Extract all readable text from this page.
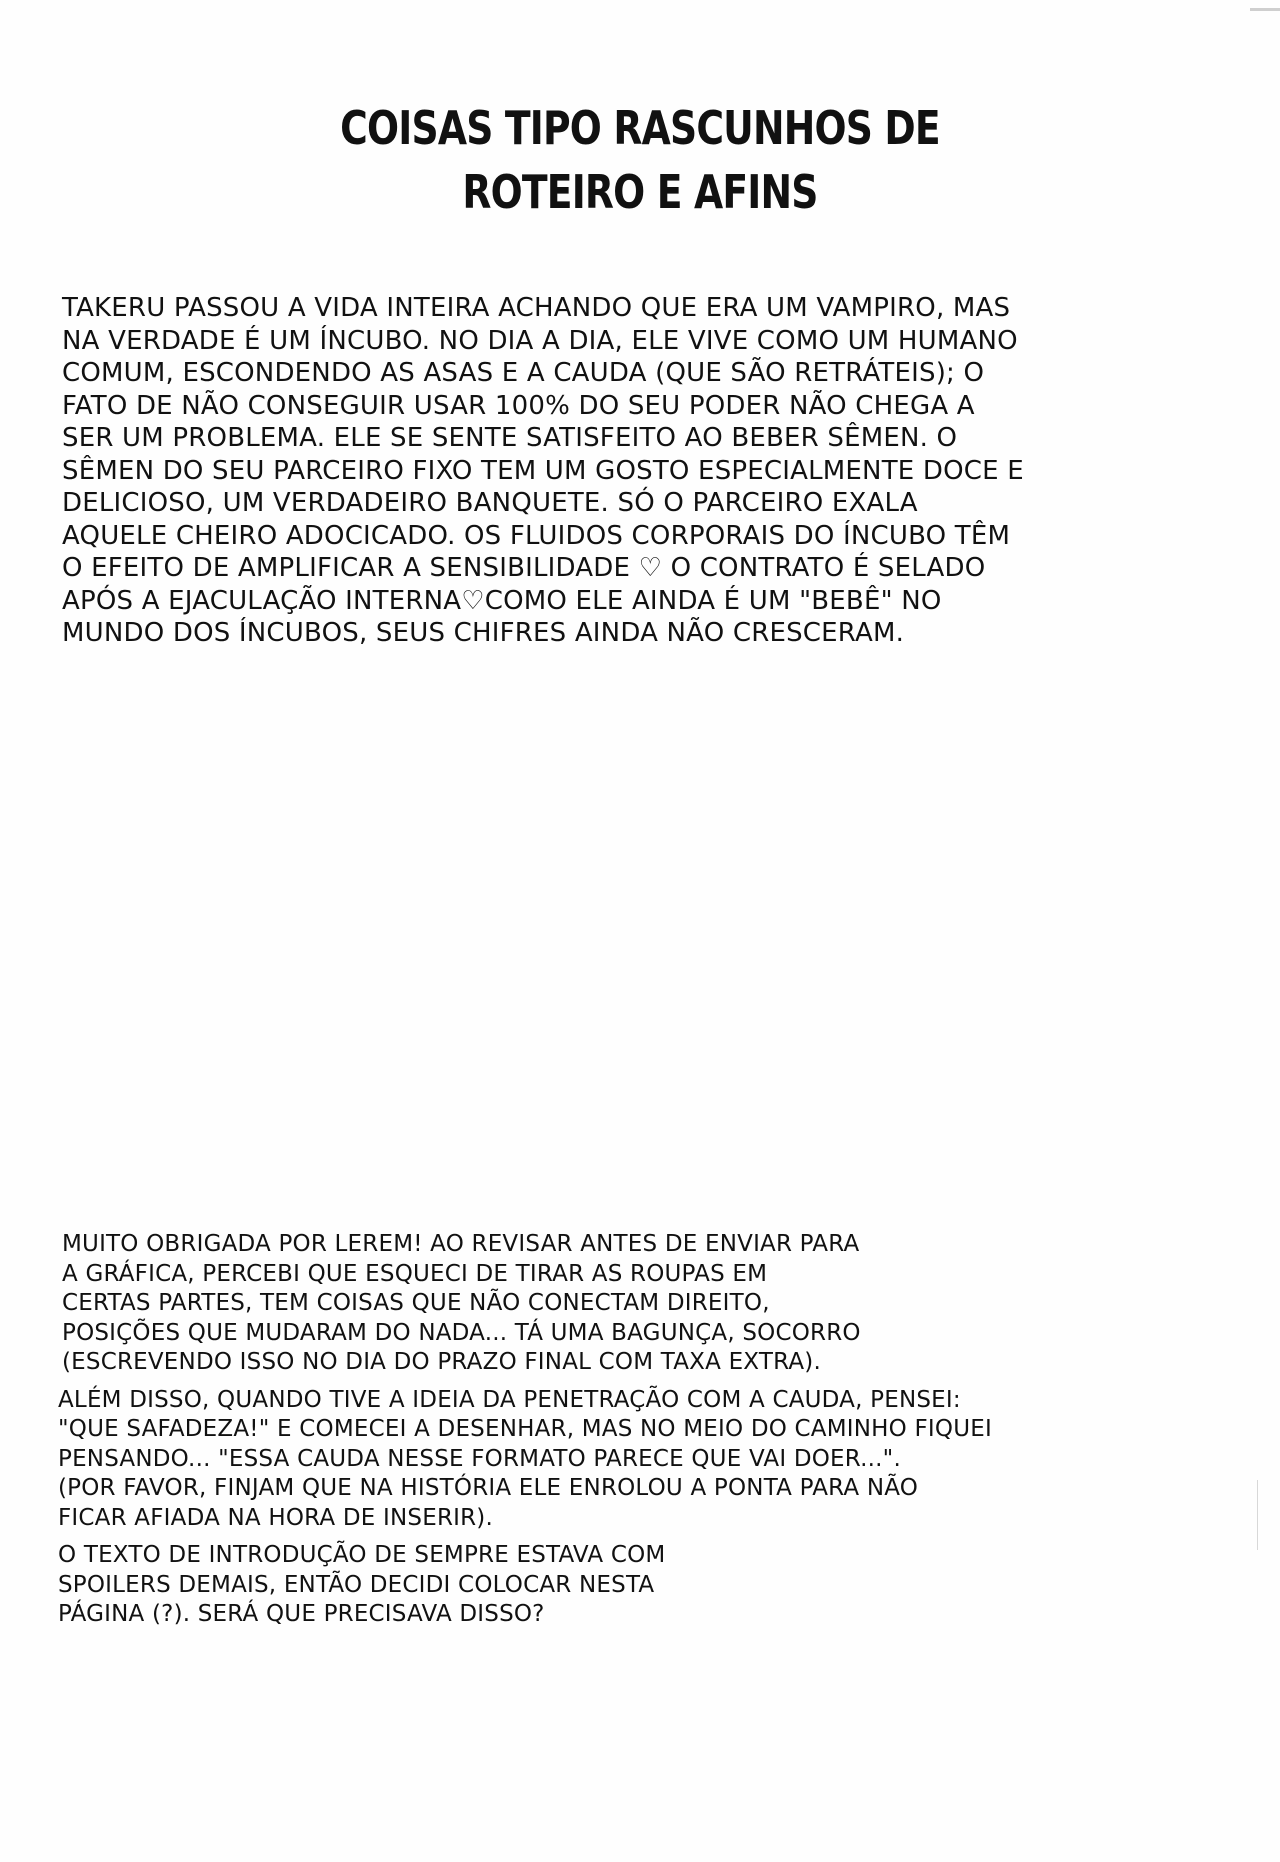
COISAS TIPO RASCUNHOS DE
ROTEIRO E AFINS
TAKERU PASSOU A VIDA INTEIRA ACHANDO QUE ERA UM VAMPIRO, MAS
NA VERDADE É UM ÍNCUBO. NO DIA A DIA, ELE VIVE COMO UM HUMANO
COMUM, ESCONDENDO AS ASAS E A CAUDA (QUE SÃO RETRÁTEIS); O
FATO DE NÃO CONSEGUIR USAR 100% DO SEU PODER NÃO CHEGA A
SER UM PROBLEMA. ELE SE SENTE SATISFEITO AO BEBER SÊMEN. O
SÊMEN DO SEU PARCEIRO FIXO TEM UM GOSTO ESPECIALMENTE DOCE E
DELICIOSO, UM VERDADEIRO BANQUETE. SÓ O PARCEIRO EXALA
AQUELE CHEIRO ADOCICADO. OS FLUIDOS CORPORAIS DO ÍNCUBO TÊM
O EFEITO DE AMPLIFICAR A SENSIBILIDADE ♡ O CONTRATO É SELADO
APÓS A EJACULAÇÃO INTERNA♡COMO ELE AINDA É UM "BEBÊ" NO
MUNDO DOS ÍNCUBOS, SEUS CHIFRES AINDA NÃO CRESCERAM.
MUITO OBRIGADA POR LEREM! AO REVISAR ANTES DE ENVIAR PARA
A GRÁFICA, PERCEBI QUE ESQUECI DE TIRAR AS ROUPAS EM
CERTAS PARTES, TEM COISAS QUE NÃO CONECTAM DIREITO,
POSIÇÕES QUE MUDARAM DO NADA... TÁ UMA BAGUNÇA, SOCORRO
(ESCREVENDO ISSO NO DIA DO PRAZO FINAL COM TAXA EXTRA).
ALÉM DISSO, QUANDO TIVE A IDEIA DA PENETRAÇÃO COM A CAUDA, PENSEI:
"QUE SAFADEZA!" E COMECEI A DESENHAR, MAS NO MEIO DO CAMINHO FIQUEI
PENSANDO... "ESSA CAUDA NESSE FORMATO PARECE QUE VAI DOER...".
(POR FAVOR, FINJAM QUE NA HISTÓRIA ELE ENROLOU A PONTA PARA NÃO
FICAR AFIADA NA HORA DE INSERIR).
O TEXTO DE INTRODUÇÃO DE SEMPRE ESTAVA COM
SPOILERS DEMAIS, ENTÃO DECIDI COLOCAR NESTA
PÁGINA (?). SERÁ QUE PRECISAVA DISSO?
